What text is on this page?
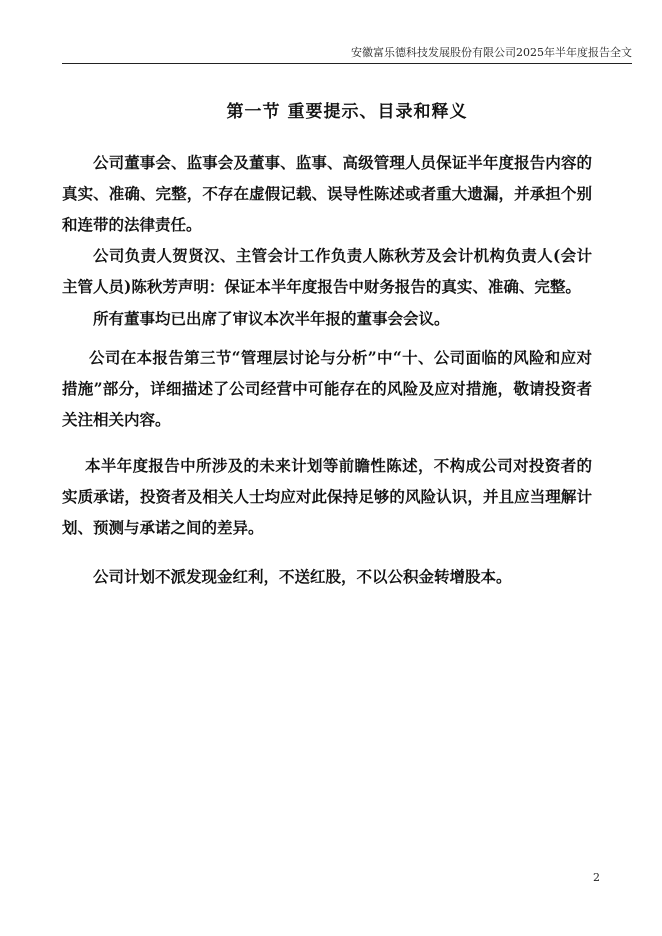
安徽富乐德科技发展股份有限公司2025年半年度报告全文
第一节 重要提示、目录和释义
公司董事会、监事会及董事、监事、高级管理人员保证半年度报告内容的真实、准确、完整，不存在虚假记载、误导性陈述或者重大遗漏，并承担个别和连带的法律责任。
公司负责人贺贤汉、主管会计工作负责人陈秋芳及会计机构负责人(会计主管人员)陈秋芳声明：保证本半年度报告中财务报告的真实、准确、完整。
所有董事均已出席了审议本次半年报的董事会会议。
公司在本报告第三节“管理层讨论与分析”中“十、公司面临的风险和应对措施”部分，详细描述了公司经营中可能存在的风险及应对措施，敬请投资者关注相关内容。
本半年度报告中所涉及的未来计划等前瞻性陈述，不构成公司对投资者的实质承诺，投资者及相关人士均应对此保持足够的风险认识，并且应当理解计划、预测与承诺之间的差异。
公司计划不派发现金红利，不送红股，不以公积金转增股本。
2
